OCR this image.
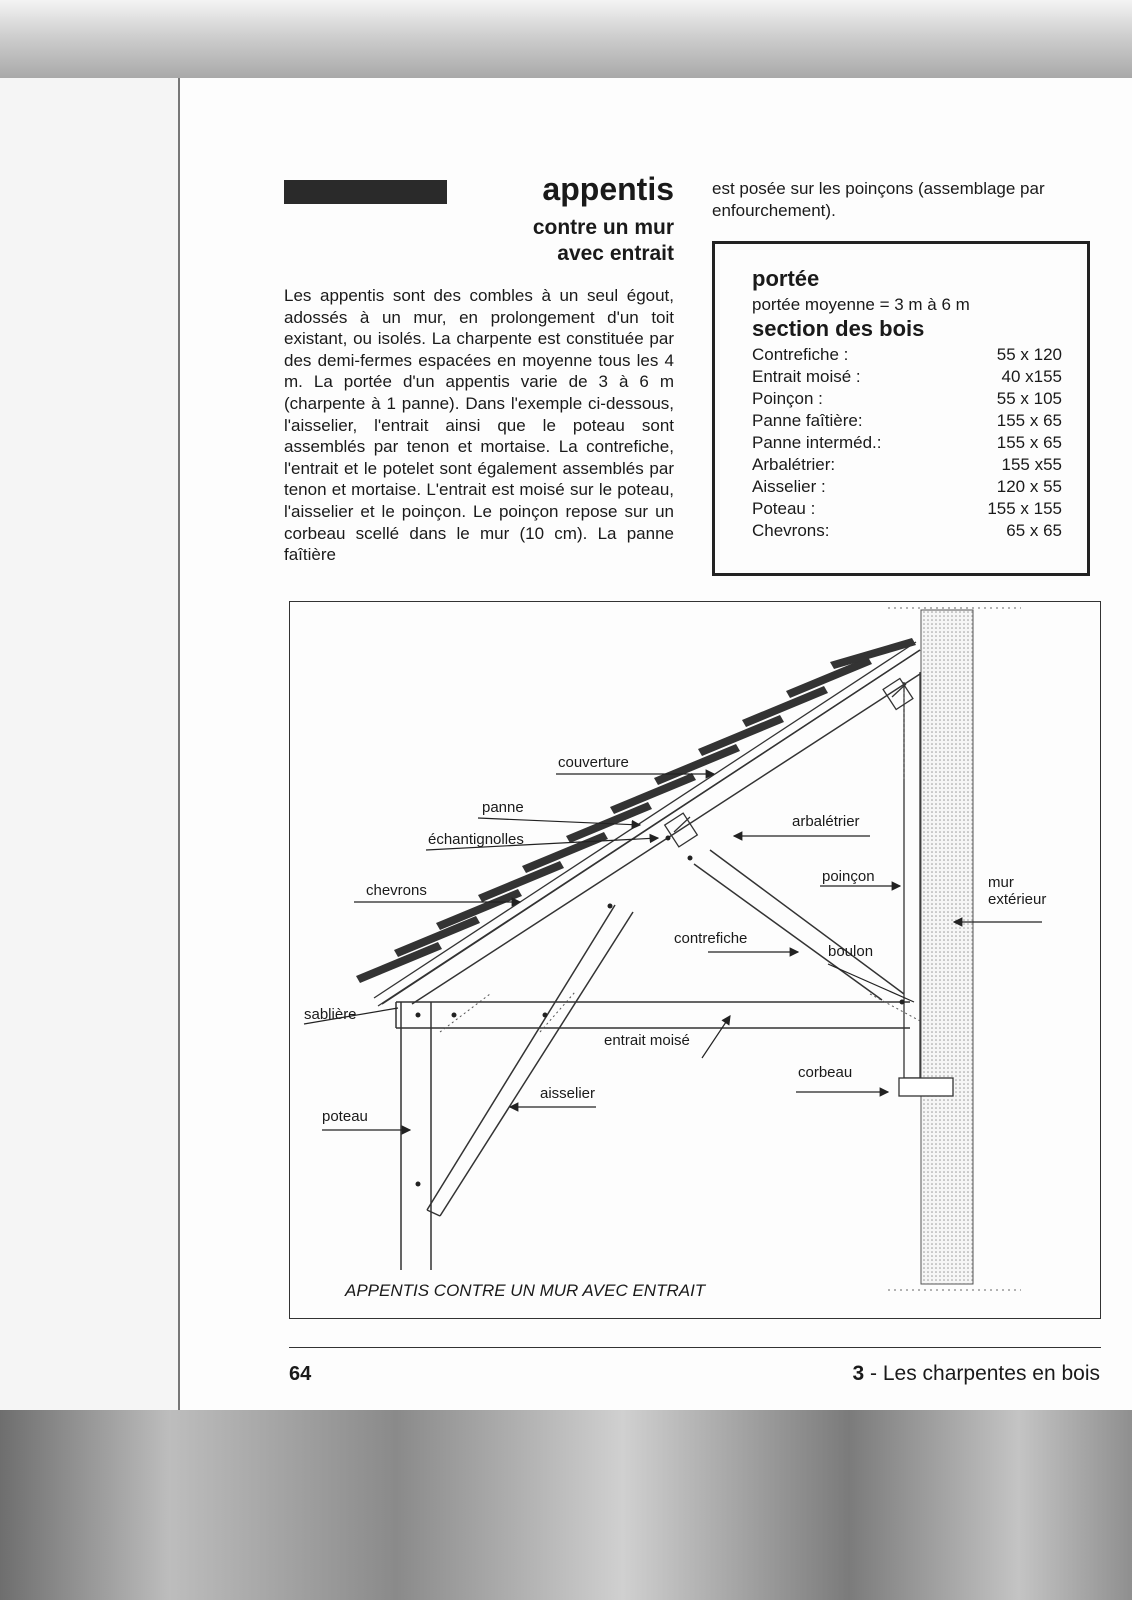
appentis
contre un mur
avec entrait

Les appentis sont des combles à un seul égout, adossés à un mur, en prolongement d'un toit existant, ou isolés. La charpente est constituée par des demi-fermes espacées en moyenne tous les 4 m. La portée d'un appentis varie de 3 à 6 m (charpente à 1 panne). Dans l'exemple ci-dessous, l'aisselier, l'entrait ainsi que le poteau sont assemblés par tenon et mortaise. La contrefiche, l'entrait et le potelet sont également assemblés par tenon et mortaise. L'entrait est moisé sur le poteau, l'aisselier et le poinçon. Le poinçon repose sur un corbeau scellé dans le mur (10 cm). La panne faîtière

est posée sur les poinçons (assemblage par enfourchement).

portée
portée moyenne = 3 m à 6 m
section des bois
Contrefiche :	55 x 120
Entrait moisé :	40 x155
Poinçon :	55 x 105
Panne faîtière:	155 x 65
Panne interméd.:	155 x 65
Arbalétrier:	155 x55
Aisselier :	120 x 55
Poteau :	155 x 155
Chevrons:	65 x 65
couverture
panne
échantignolles
chevrons
sablière
poteau
aisselier
entrait moisé
contrefiche
boulon
poinçon
arbalétrier
mur
extérieur
corbeau
APPENTIS CONTRE UN MUR AVEC ENTRAIT
64	3 - Les charpentes en bois
